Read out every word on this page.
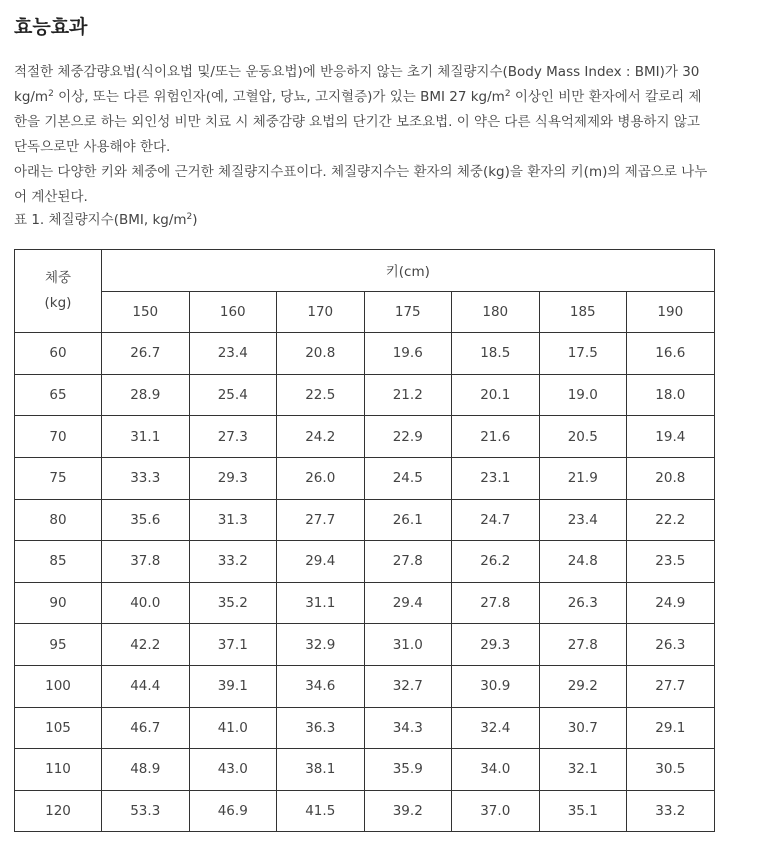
효능효과

적절한 체중감량요법(식이요법 및/또는 운동요법)에 반응하지 않는 초기 체질량지수(Body Mass Index : BMI)가 30

$kg/m^2$ 이상, 또는 다른 위험인자(예, 고혈압, 당뇨, 고지혈증)가 있는 BMI 27 $kg/m^2$ 이상인 비만 환자에서 칼로리 제

한을 기본으로 하는 외인성 비만 치료 시 체중감량 요법의 단기간 보조요법. 이 약은 다른 식욕억제제와 병용하지 않고

단독으로만 사용해야 한다.

아래는 다양한 키와 체중에 근거한 체질량지수표이다. 체질량지수는 환자의 체중(kg)을 환자의 키(m)의 제곱으로 나누

어 계산된다.

표 1. 체질량지수(BMI, $kg/m^2$)
체중
(kg)	키(cm)						
	150	160	170	175	180	185	190
60	26.7	23.4	20.8	19.6	18.5	17.5	16.6
65	28.9	25.4	22.5	21.2	20.1	19.0	18.0
70	31.1	27.3	24.2	22.9	21.6	20.5	19.4
75	33.3	29.3	26.0	24.5	23.1	21.9	20.8
80	35.6	31.3	27.7	26.1	24.7	23.4	22.2
85	37.8	33.2	29.4	27.8	26.2	24.8	23.5
90	40.0	35.2	31.1	29.4	27.8	26.3	24.9
95	42.2	37.1	32.9	31.0	29.3	27.8	26.3
100	44.4	39.1	34.6	32.7	30.9	29.2	27.7
105	46.7	41.0	36.3	34.3	32.4	30.7	29.1
110	48.9	43.0	38.1	35.9	34.0	32.1	30.5
120	53.3	46.9	41.5	39.2	37.0	35.1	33.2
